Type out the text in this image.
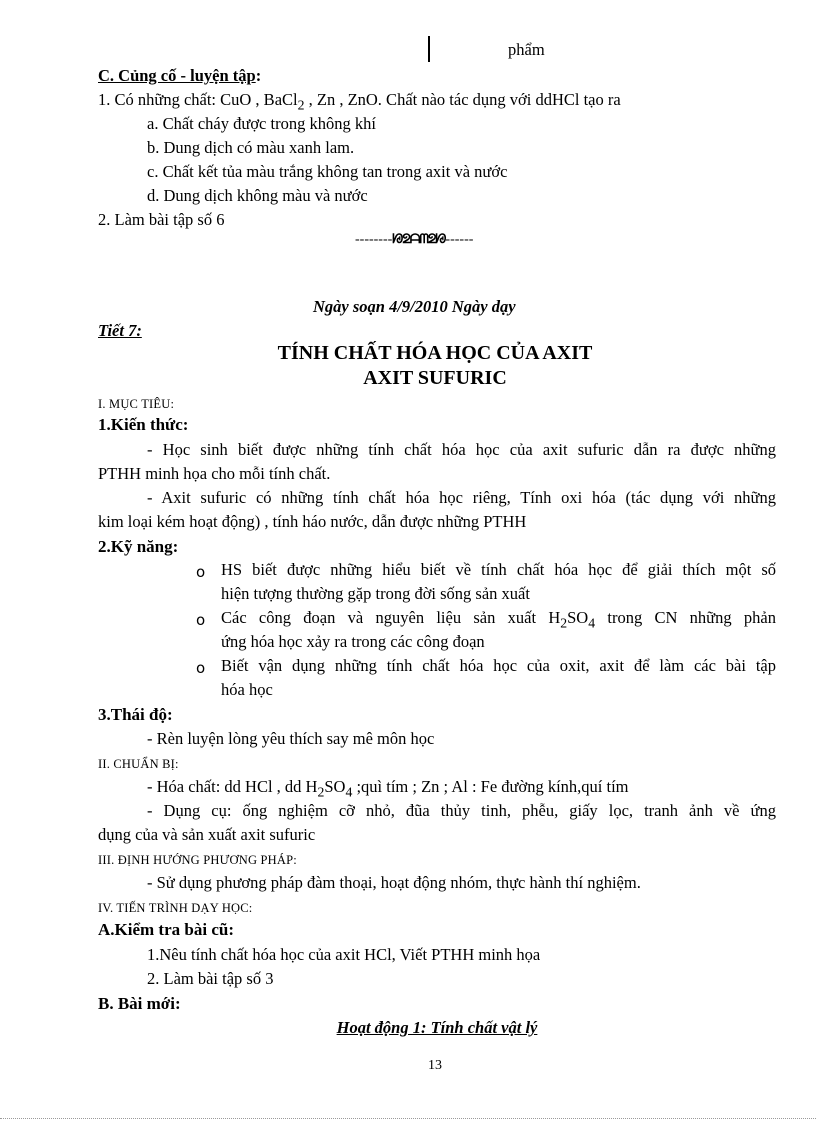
phẩm
C. Củng cố - luyện tập:
1. Có những chất: CuO , BaCl$_2$ , Zn , ZnO. Chất nào tác dụng với ddHCl tạo ra
a. Chất cháy được trong không khí
b. Dung dịch có màu xanh lam.
c. Chất kết tủa màu trắng không tan trong axit và nước
d. Dung dịch không màu và nước
2. Làm bài tập số 6
--------ᘘᘖᗩᗰᘖᘘ------
Ngày soạn 4/9/2010 Ngày dạy
Tiết 7:
TÍNH CHẤT HÓA HỌC CỦA AXIT
AXIT SUFURIC
I. MỤC TIÊU:
1.Kiến thức:
- Học sinh biết được những tính chất hóa học của axit sufuric dẫn ra được những
PTHH minh họa cho mỗi tính chất.
- Axit sufuric có những tính chất hóa học riêng, Tính oxi hóa (tác dụng với những
kim loại kém hoạt động) , tính háo nước, dẫn được những PTHH
2.Kỹ năng:
o HS biết được những hiểu biết về tính chất hóa học để giải thích một số
hiện tượng thường gặp trong đời sống sản xuất
o Các công đoạn và nguyên liệu sản xuất $H_2SO_4$ trong CN những phản
ứng hóa học xảy ra trong các công đoạn
o Biết vận dụng những tính chất hóa học của oxit, axit để làm các bài tập
hóa học
3.Thái độ:
- Rèn luyện lòng yêu thích say mê môn học
II. CHUẨN BỊ:
- Hóa chất: dd HCl , dd $H_2SO_4$ ;quì tím ; Zn ; Al : Fe đường kính,quí tím
- Dụng cụ: ống nghiệm cỡ nhỏ, đũa thủy tinh, phễu, giấy lọc, tranh ảnh về ứng
dụng của và sản xuất axit sufuric
III. ĐỊNH HƯỚNG PHƯƠNG PHÁP:
- Sử dụng phương pháp đàm thoại, hoạt động nhóm, thực hành thí nghiệm.
IV. TIẾN TRÌNH DẠY HỌC:
A.Kiểm tra bài cũ:
1.Nêu tính chất hóa học của axit HCl, Viết PTHH minh họa
2. Làm bài tập số 3
B. Bài mới:
Hoạt động 1: Tính chất vật lý
13
